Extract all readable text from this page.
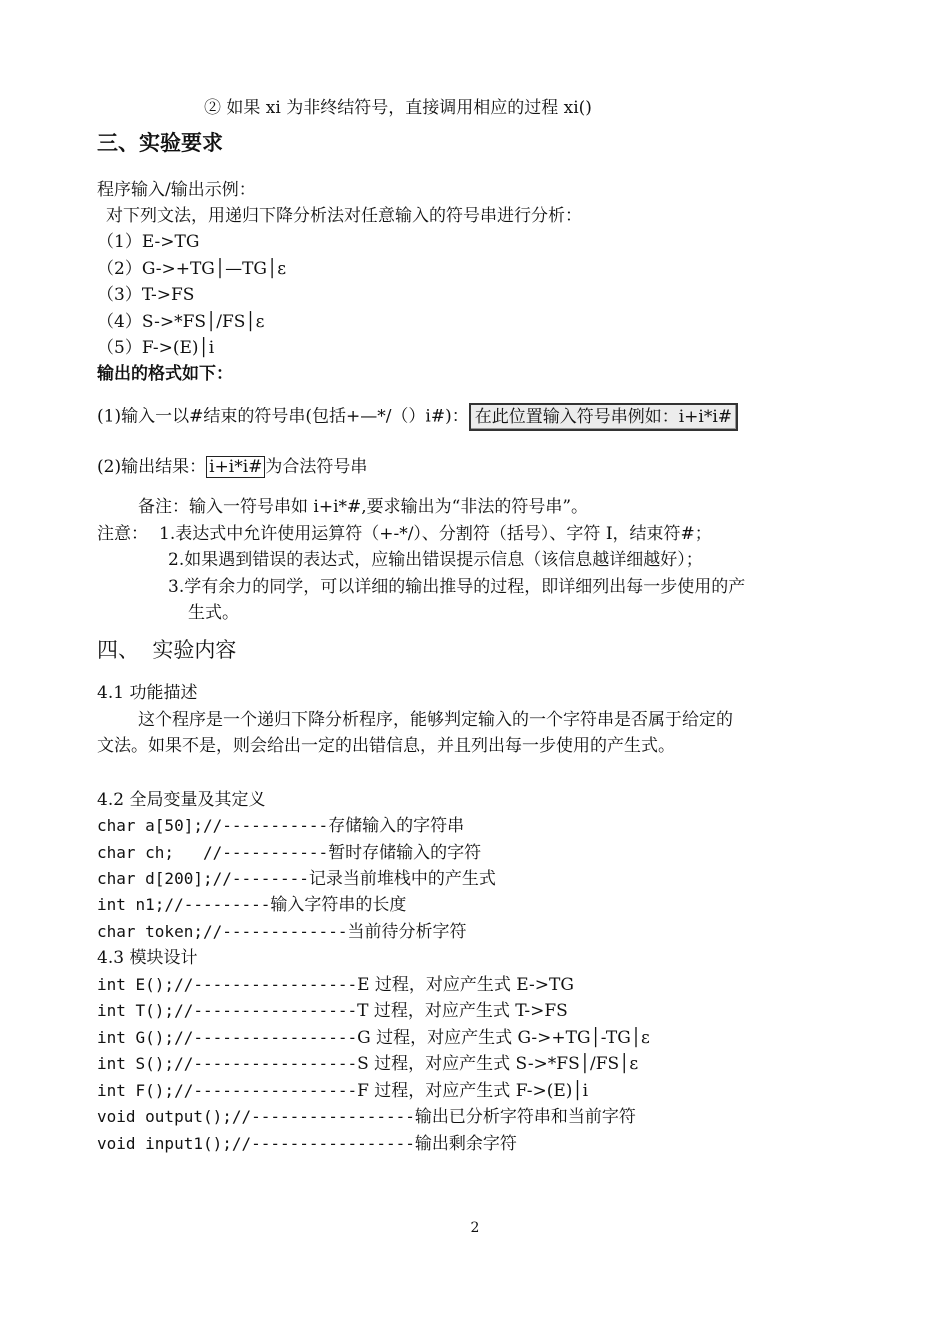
② 如果 xi 为非终结符号，直接调用相应的过程 xi()
三、实验要求
程序输入/输出示例：
对下列文法，用递归下降分析法对任意输入的符号串进行分析：
（1）E->TG
（2）G->+TG│—TG│ε
（3）T->FS
（4）S->*FS│/FS│ε
（5）F->(E)│i
输出的格式如下：
(1)输入一以#结束的符号串(包括+—*/（）i#)： 在此位置输入符号串例如：i+i*i#
(2)输出结果： i+i*i# 为合法符号串
备注：输入一符号串如 i+i*#,要求输出为“非法的符号串”。
注意： 1.表达式中允许使用运算符（+-*/）、分割符（括号）、字符 I，结束符#；
2.如果遇到错误的表达式，应输出错误提示信息（该信息越详细越好）；
3.学有余力的同学，可以详细的输出推导的过程，即详细列出每一步使用的产
生式。
四、  实验内容
4.1 功能描述
这个程序是一个递归下降分析程序，能够判定输入的一个字符串是否属于给定的
文法。如果不是，则会给出一定的出错信息，并且列出每一步使用的产生式。
4.2 全局变量及其定义
char a[50];//-----------存储输入的字符串
char ch;   //-----------暂时存储输入的字符
char d[200];//--------记录当前堆栈中的产生式
int n1;//---------输入字符串的长度
char token;//-------------当前待分析字符
4.3 模块设计
int E();//-----------------E 过程，对应产生式 E->TG
int T();//-----------------T 过程，对应产生式 T->FS
int G();//-----------------G 过程，对应产生式 G->+TG│-TG│ε
int S();//-----------------S 过程，对应产生式 S->*FS│/FS│ε
int F();//-----------------F 过程，对应产生式 F->(E)│i
void output();//-----------------输出已分析字符串和当前字符
void input1();//-----------------输出剩余字符
2
